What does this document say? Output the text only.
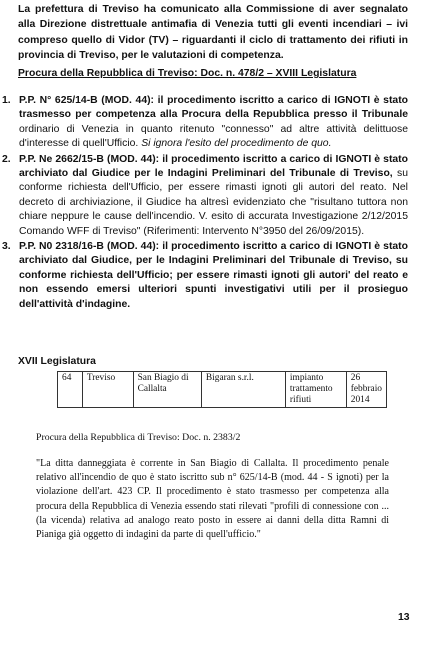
La prefettura di Treviso ha comunicato alla Commissione di aver segnalato alla Direzione distrettuale antimafia di Venezia tutti gli eventi incendiari – ivi compreso quello di Vidor (TV) – riguardanti il ciclo di trattamento dei rifiuti in provincia di Treviso, per le valutazioni di competenza.
Procura della Repubblica di Treviso: Doc. n. 478/2 – XVIII Legislatura
1. P.P. N° 625/14-B (MOD. 44): il procedimento iscritto a carico di IGNOTI è stato trasmesso per competenza alla Procura della Repubblica presso il Tribunale ordinario di Venezia in quanto ritenuto "connesso" ad altre attività delittuose d'interesse di quell'Ufficio. Si ignora l'esito del procedimento de quo.
2. P.P. Ne 2662/15-B (MOD. 44): il procedimento iscritto a carico di IGNOTI è stato archiviato dal Giudice per le Indagini Preliminari del Tribunale di Treviso, su conforme richiesta dell'Ufficio, per essere rimasti ignoti gli autori del reato. Nel decreto di archiviazione, il Giudice ha altresì evidenziato che "risultano tuttora non chiare neppure le cause dell'incendio. V. esito di accurata Investigazione 2/12/2015 Comando WFF di Treviso" (Riferimenti: Intervento N°3950 del 26/09/2015).
3. P.P. N0 2318/16-B (MOD. 44): il procedimento iscritto a carico di IGNOTI è stato archiviato dal Giudice, per le Indagini Preliminari del Tribunale di Treviso, su conforme richiesta dell'Ufficio; per essere rimasti ignoti gli autori' del reato e non essendo emersi ulteriori spunti investigativi utili per il prosieguo dell'attività d'indagine.
XVII Legislatura
64	Treviso	San Biagio di Callalta	Bigaran s.r.l.	impianto trattamento rifiuti	26 febbraio 2014
Procura della Repubblica di Treviso: Doc. n. 2383/2
"La ditta danneggiata è corrente in San Biagio di Callalta. Il procedimento penale relativo all'incendio de quo è stato iscritto sub n° 625/14-B (mod. 44 - S ignoti) per la violazione dell'art. 423 CP. Il procedimento è stato trasmesso per competenza alla procura della Repubblica di Venezia essendo stati rilevati "profili di connessione con ... (la vicenda) relativa ad analogo reato posto in essere ai danni della ditta Ramni di Pianiga già oggetto di indagini da parte di quell'ufficio."
13
